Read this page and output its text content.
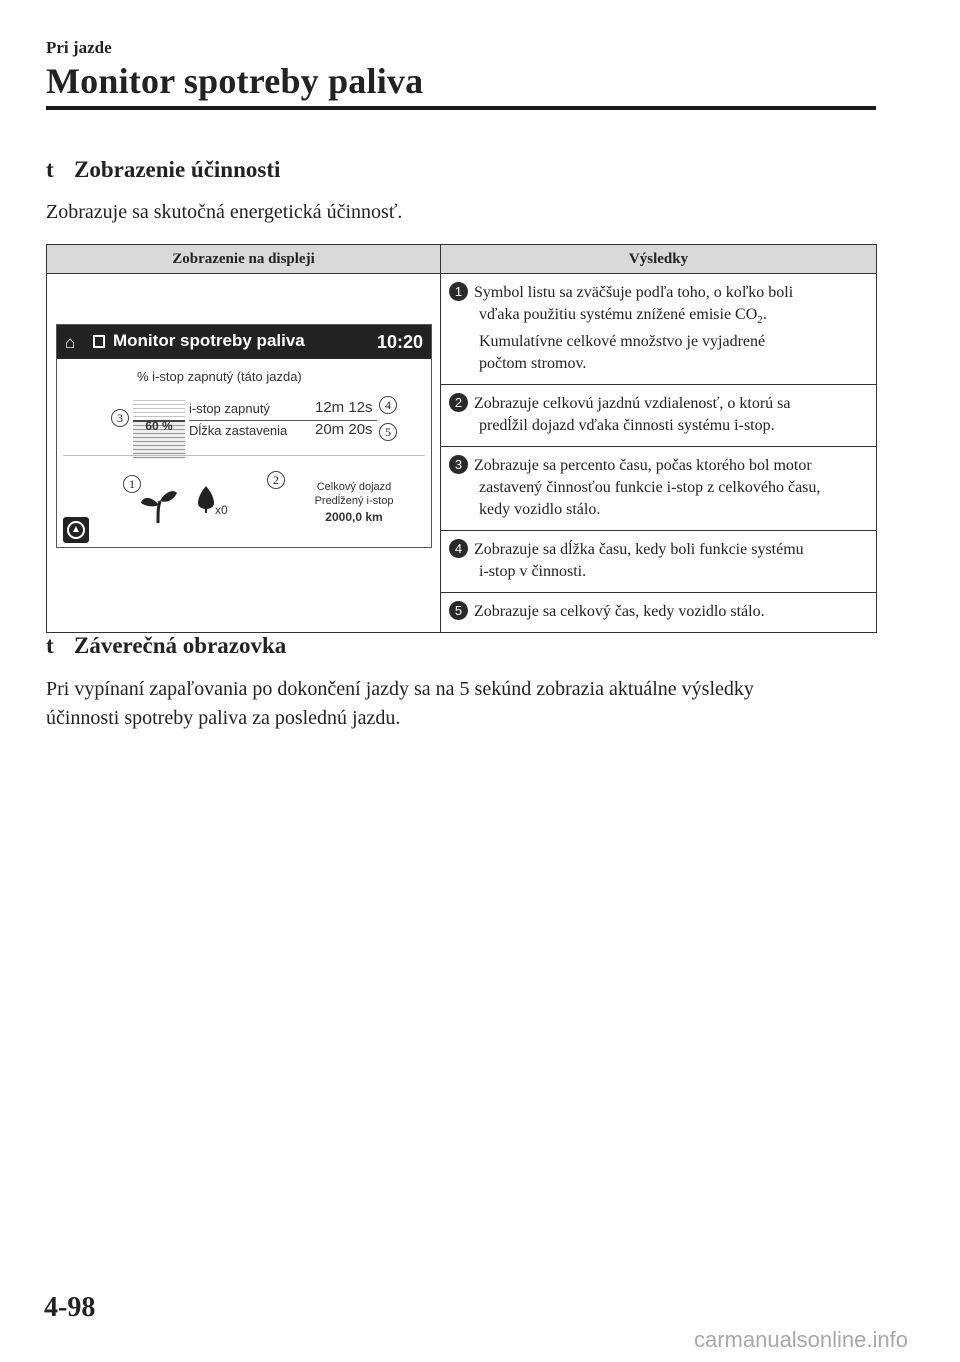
Pri jazde
Monitor spotreby paliva
t Zobrazenie účinnosti
Zobrazuje sa skutočná energetická účinnosť.
Zobrazenie na displeji	Výsledky

	1 Symbol listu sa zväčšuje podľa toho, o koľko boli
vďaka použitiu systému znížené emisie $CO_2$.
Kumulatívne celkové množstvo je vyjadrené
počtom stromov.

	2 Zobrazuje celkovú jazdnú vzdialenosť, o ktorú sa
predĺžil dojazd vďaka činnosti systému i-stop.

	3 Zobrazuje sa percento času, počas ktorého bol motor
zastavený činnosťou funkcie i-stop z celkového času,
kedy vozidlo stálo.

	4 Zobrazuje sa dĺžka času, kedy boli funkcie systému
i-stop v činnosti.

	5 Zobrazuje sa celkový čas, kedy vozidlo stálo.
⌂ Monitor spotreby paliva	10:20
% i-stop zapnutý (táto jazda)
3
60 %
i-stop zapnutý	12m 12s	4
Dĺžka zastavenia 20m 20s	5
1
x0
2	Celkový dojazd
Predĺžený i-stop
2000,0 km
▲
t Záverečná obrazovka
Pri vypínaní zapaľovania po dokončení jazdy sa na 5 sekúnd zobrazia aktuálne výsledky
účinnosti spotreby paliva za poslednú jazdu.
4-98
carmanualsonline.info
